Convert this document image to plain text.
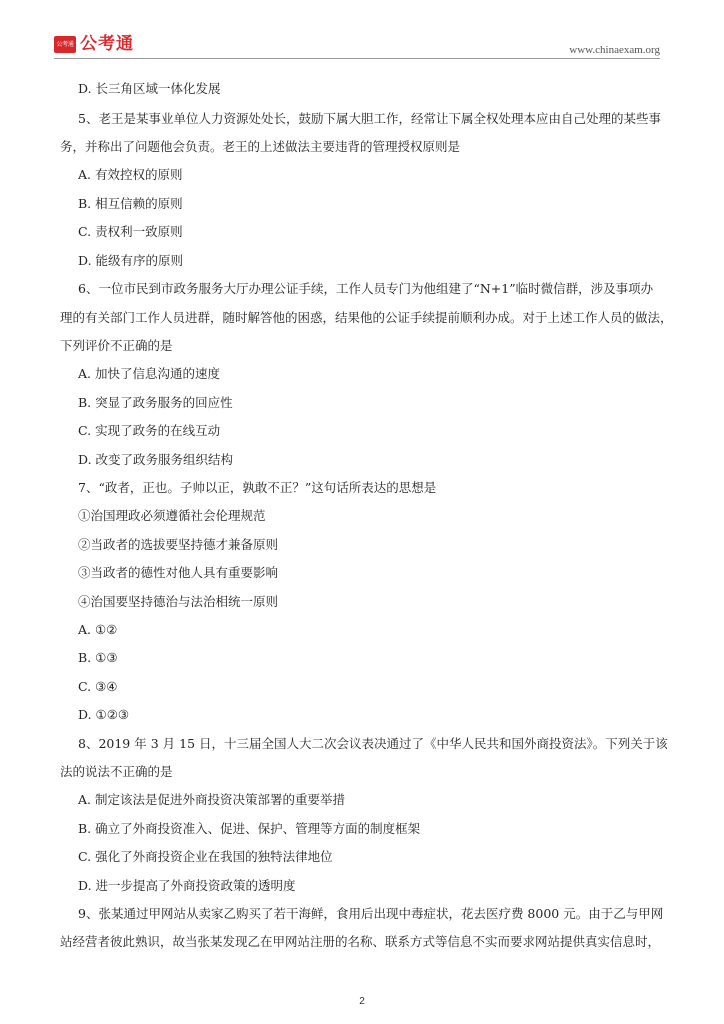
公考通 公考通	www.chinaexam.org
D. 长三角区域一体化发展
5、老王是某事业单位人力资源处处长，鼓励下属大胆工作，经常让下属全权处理本应由自己处理的某些事
务，并称出了问题他会负责。老王的上述做法主要违背的管理授权原则是
A. 有效控权的原则
B. 相互信赖的原则
C. 责权利一致原则
D. 能级有序的原则
6、一位市民到市政务服务大厅办理公证手续，工作人员专门为他组建了“N+1”临时微信群，涉及事项办
理的有关部门工作人员进群，随时解答他的困惑，结果他的公证手续提前顺利办成。对于上述工作人员的做法，
下列评价不正确的是
A. 加快了信息沟通的速度
B. 突显了政务服务的回应性
C. 实现了政务的在线互动
D. 改变了政务服务组织结构
7、“政者，正也。子帅以正，孰敢不正？”这句话所表达的思想是
①治国理政必须遵循社会伦理规范
②当政者的选拔要坚持德才兼备原则
③当政者的德性对他人具有重要影响
④治国要坚持德治与法治相统一原则
A. ①②
B. ①③
C. ③④
D. ①②③
8、2019 年 3 月 15 日，十三届全国人大二次会议表决通过了《中华人民共和国外商投资法》。下列关于该
法的说法不正确的是
A. 制定该法是促进外商投资决策部署的重要举措
B. 确立了外商投资准入、促进、保护、管理等方面的制度框架
C. 强化了外商投资企业在我国的独特法律地位
D. 进一步提高了外商投资政策的透明度
9、张某通过甲网站从卖家乙购买了若干海鲜，食用后出现中毒症状，花去医疗费 8000 元。由于乙与甲网
站经营者彼此熟识，故当张某发现乙在甲网站注册的名称、联系方式等信息不实而要求网站提供真实信息时，
2
